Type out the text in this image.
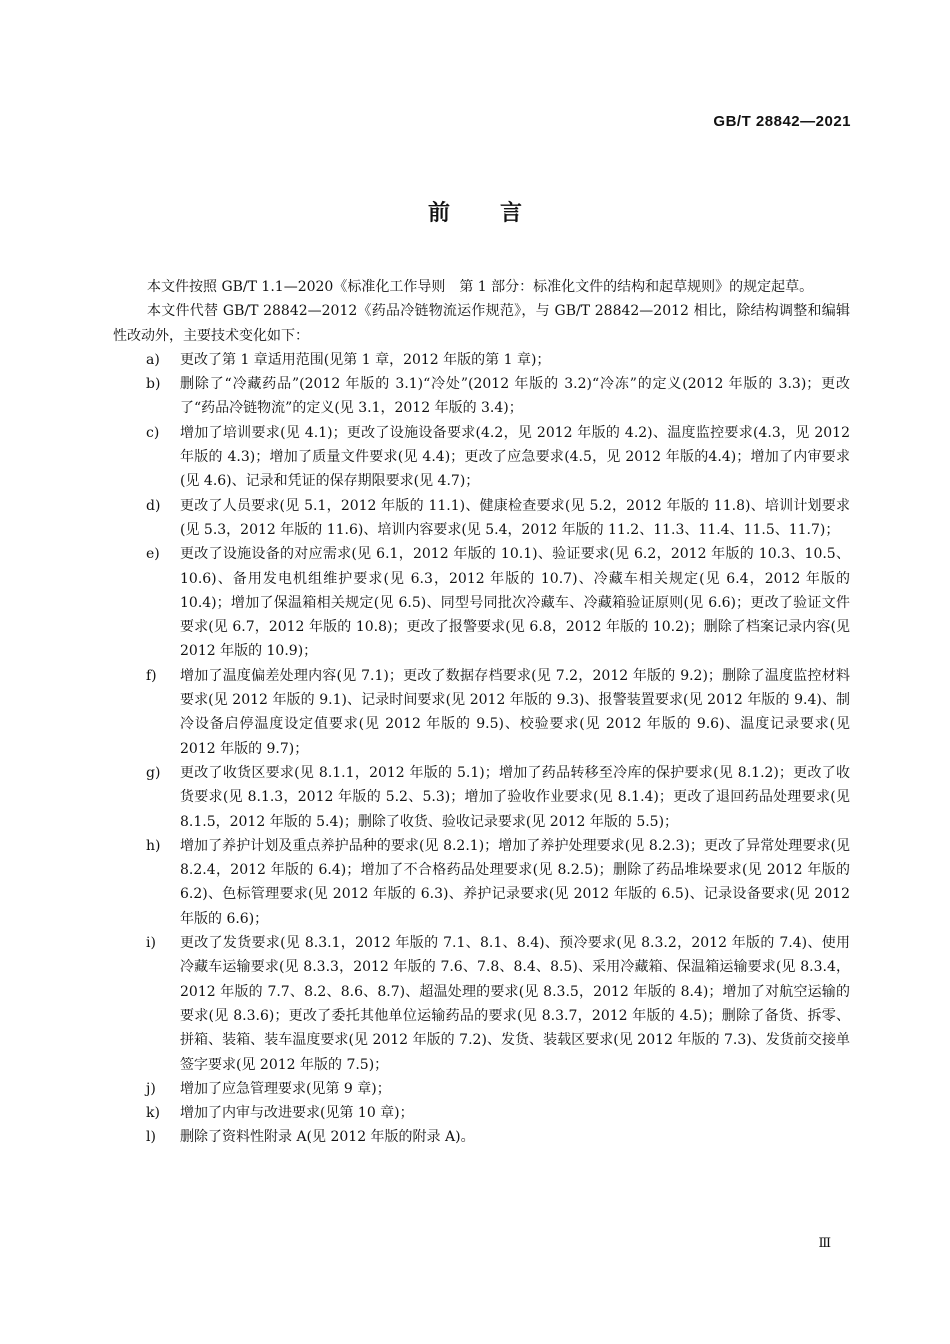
GB/T 28842—2021
前言

本文件按照 GB/T 1.1—2020《标准化工作导则　第 1 部分：标准化文件的结构和起草规则》的规定起草。

本文件代替 GB/T 28842—2012《药品冷链物流运作规范》，与 GB/T 28842—2012 相比，除结构调整和编辑性改动外，主要技术变化如下：

a) 更改了第 1 章适用范围(见第 1 章，2012 年版的第 1 章)；
b) 删除了“冷藏药品”(2012 年版的 3.1)“冷处”(2012 年版的 3.2)“冷冻”的定义(2012 年版的 3.3)；更改了“药品冷链物流”的定义(见 3.1，2012 年版的 3.4)；
c) 增加了培训要求(见 4.1)；更改了设施设备要求(4.2，见 2012 年版的 4.2)、温度监控要求(4.3，见 2012 年版的 4.3)；增加了质量文件要求(见 4.4)；更改了应急要求(4.5，见 2012 年版的4.4)；增加了内审要求(见 4.6)、记录和凭证的保存期限要求(见 4.7)；
d) 更改了人员要求(见 5.1，2012 年版的 11.1)、健康检查要求(见 5.2，2012 年版的 11.8)、培训计划要求(见 5.3，2012 年版的 11.6)、培训内容要求(见 5.4，2012 年版的 11.2、11.3、11.4、11.5、11.7)；
e) 更改了设施设备的对应需求(见 6.1，2012 年版的 10.1)、验证要求(见 6.2，2012 年版的 10.3、10.5、10.6)、备用发电机组维护要求(见 6.3，2012 年版的 10.7)、冷藏车相关规定(见 6.4，2012 年版的 10.4)；增加了保温箱相关规定(见 6.5)、同型号同批次冷藏车、冷藏箱验证原则(见 6.6)；更改了验证文件要求(见 6.7，2012 年版的 10.8)；更改了报警要求(见 6.8，2012 年版的 10.2)；删除了档案记录内容(见 2012 年版的 10.9)；
f) 增加了温度偏差处理内容(见 7.1)；更改了数据存档要求(见 7.2，2012 年版的 9.2)；删除了温度监控材料要求(见 2012 年版的 9.1)、记录时间要求(见 2012 年版的 9.3)、报警装置要求(见 2012 年版的 9.4)、制冷设备启停温度设定值要求(见 2012 年版的 9.5)、校验要求(见 2012 年版的 9.6)、温度记录要求(见 2012 年版的 9.7)；
g) 更改了收货区要求(见 8.1.1，2012 年版的 5.1)；增加了药品转移至冷库的保护要求(见 8.1.2)；更改了收货要求(见 8.1.3，2012 年版的 5.2、5.3)；增加了验收作业要求(见 8.1.4)；更改了退回药品处理要求(见 8.1.5，2012 年版的 5.4)；删除了收货、验收记录要求(见 2012 年版的 5.5)；
h) 增加了养护计划及重点养护品种的要求(见 8.2.1)；增加了养护处理要求(见 8.2.3)；更改了异常处理要求(见 8.2.4，2012 年版的 6.4)；增加了不合格药品处理要求(见 8.2.5)；删除了药品堆垛要求(见 2012 年版的 6.2)、色标管理要求(见 2012 年版的 6.3)、养护记录要求(见 2012 年版的 6.5)、记录设备要求(见 2012 年版的 6.6)；
i) 更改了发货要求(见 8.3.1，2012 年版的 7.1、8.1、8.4)、预冷要求(见 8.3.2，2012 年版的 7.4)、使用冷藏车运输要求(见 8.3.3，2012 年版的 7.6、7.8、8.4、8.5)、采用冷藏箱、保温箱运输要求(见 8.3.4，2012 年版的 7.7、8.2、8.6、8.7)、超温处理的要求(见 8.3.5，2012 年版的 8.4)；增加了对航空运输的要求(见 8.3.6)；更改了委托其他单位运输药品的要求(见 8.3.7，2012 年版的 4.5)；删除了备货、拆零、拼箱、装箱、装车温度要求(见 2012 年版的 7.2)、发货、装载区要求(见 2012 年版的 7.3)、发货前交接单签字要求(见 2012 年版的 7.5)；
j) 增加了应急管理要求(见第 9 章)；
k) 增加了内审与改进要求(见第 10 章)；
l) 删除了资料性附录 A(见 2012 年版的附录 A)。
Ⅲ
